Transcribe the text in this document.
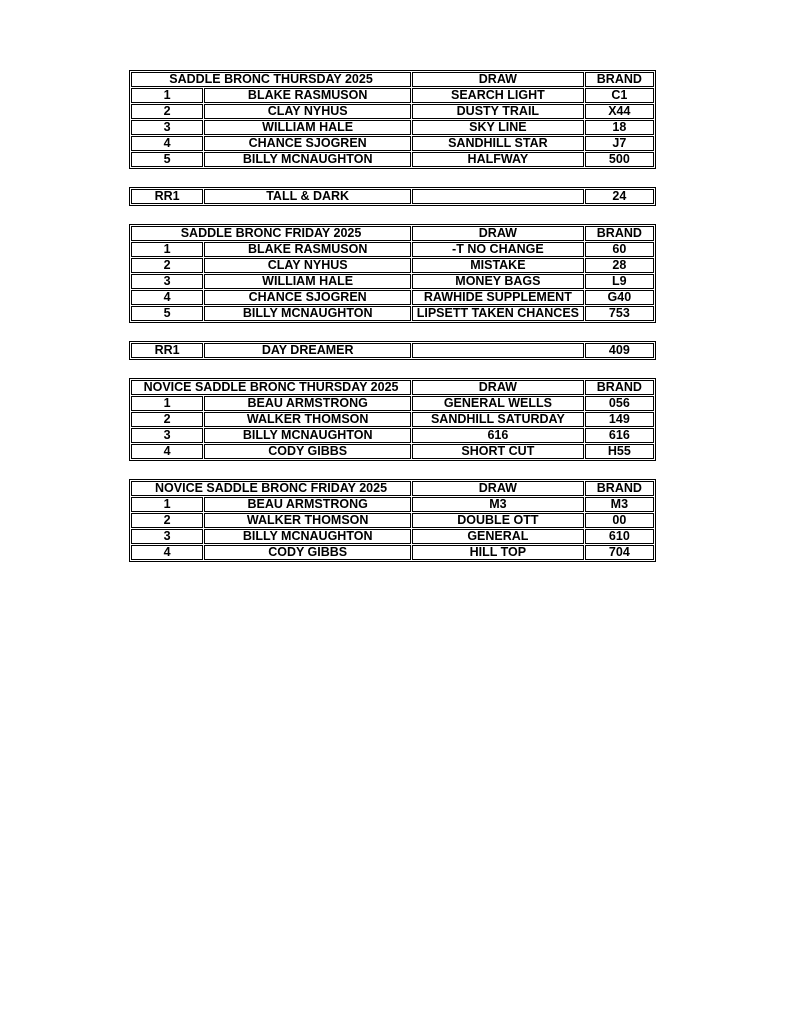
SADDLE BRONC THURSDAY 2025		DRAW	BRAND
1	BLAKE RASMUSON	SEARCH LIGHT	C1
2	CLAY NYHUS	DUSTY TRAIL	X44
3	WILLIAM HALE	SKY LINE	18
4	CHANCE SJOGREN	SANDHILL STAR	J7
5	BILLY MCNAUGHTON	HALFWAY	500
RR1	TALL & DARK		24
SADDLE BRONC FRIDAY 2025		DRAW	BRAND
1	BLAKE RASMUSON	-T NO CHANGE	60
2	CLAY NYHUS	MISTAKE	28
3	WILLIAM HALE	MONEY BAGS	L9
4	CHANCE SJOGREN	RAWHIDE SUPPLEMENT	G40
5	BILLY MCNAUGHTON	LIPSETT TAKEN CHANCES	753
RR1	DAY DREAMER		409
NOVICE SADDLE BRONC THURSDAY 2025		DRAW	BRAND
1	BEAU ARMSTRONG	GENERAL WELLS	056
2	WALKER THOMSON	SANDHILL SATURDAY	149
3	BILLY MCNAUGHTON	616	616
4	CODY GIBBS	SHORT CUT	H55
NOVICE SADDLE BRONC FRIDAY 2025		DRAW	BRAND
1	BEAU ARMSTRONG	M3	M3
2	WALKER THOMSON	DOUBLE OTT	00
3	BILLY MCNAUGHTON	GENERAL	610
4	CODY GIBBS	HILL TOP	704
